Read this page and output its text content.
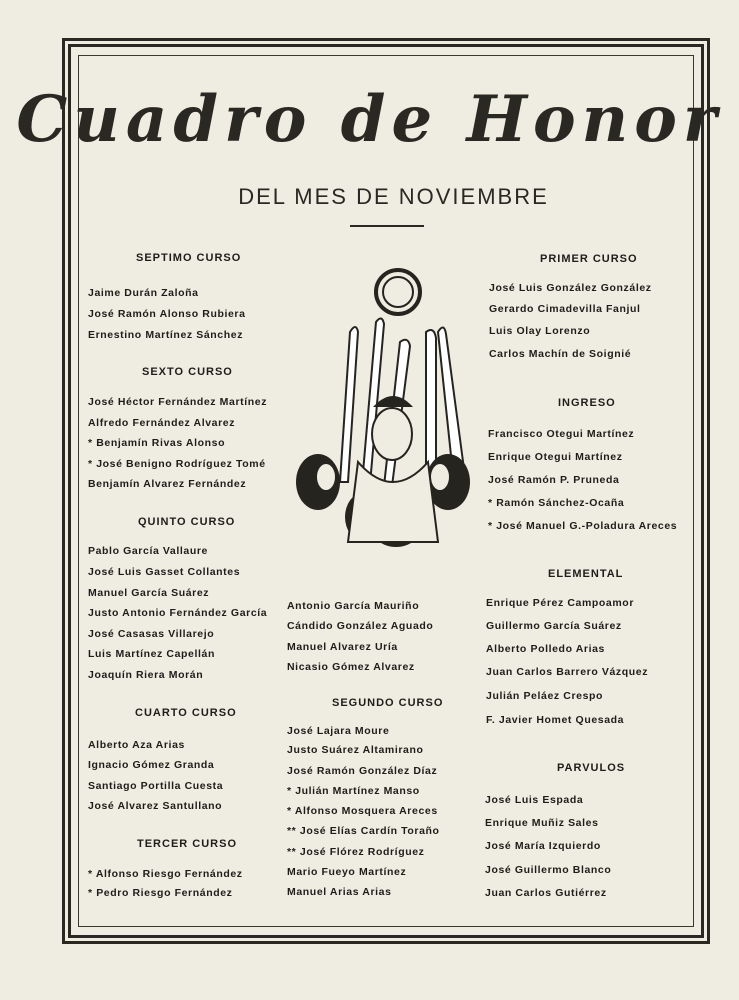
Cuadro de Honor
DEL MES DE NOVIEMBRE
SEPTIMO CURSO
Jaime Durán Zaloña
José Ramón Alonso Rubiera
Ernestino Martínez Sánchez
SEXTO CURSO
José Héctor Fernández Martínez
Alfredo Fernández Alvarez
* Benjamín Rivas Alonso
* José Benigno Rodríguez Tomé
Benjamín Alvarez Fernández
QUINTO CURSO
Pablo García Vallaure
José Luis Gasset Collantes
Manuel García Suárez
Justo Antonio Fernández García
José Casasas Villarejo
Luis Martínez Capellán
Joaquín Riera Morán
CUARTO CURSO
Alberto Aza Arias
Ignacio Gómez Granda
Santiago Portilla Cuesta
José Alvarez Santullano
TERCER CURSO
* Alfonso Riesgo Fernández
* Pedro Riesgo Fernández
Antonio García Mauriño
Cándido González Aguado
Manuel Alvarez Uría
Nicasio Gómez Alvarez
SEGUNDO CURSO
José Lajara Moure
Justo Suárez Altamirano
José Ramón González Díaz
* Julián Martínez Manso
* Alfonso Mosquera Areces
** José Elías Cardín Toraño
** José Flórez Rodríguez
Mario Fueyo Martínez
Manuel Arias Arias
PRIMER CURSO
José Luis González González
Gerardo Cimadevilla Fanjul
Luis Olay Lorenzo
Carlos Machín de Soignié
INGRESO
Francisco Otegui Martínez
Enrique Otegui Martínez
José Ramón P. Pruneda
* Ramón Sánchez-Ocaña
* José Manuel G.-Poladura Areces
ELEMENTAL
Enrique Pérez Campoamor
Guillermo García Suárez
Alberto Polledo Arias
Juan Carlos Barrero Vázquez
Julián Peláez Crespo
F. Javier Homet Quesada
PARVULOS
José Luis Espada
Enrique Muñiz Sales
José María Izquierdo
José Guillermo Blanco
Juan Carlos Gutiérrez
